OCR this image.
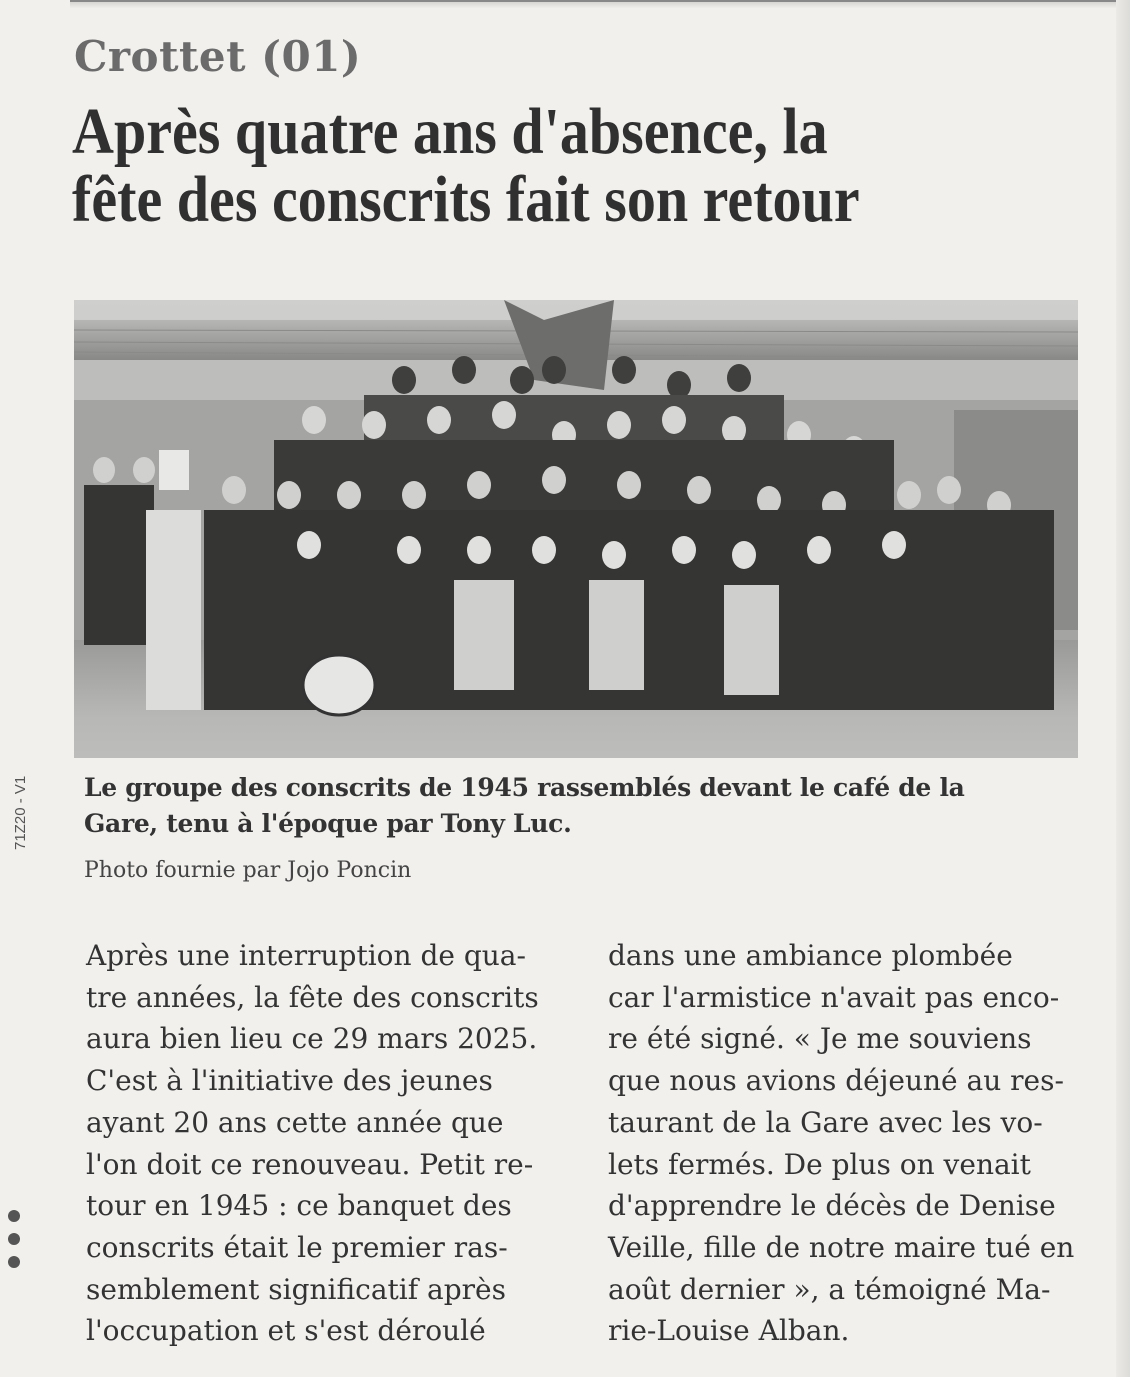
Crottet (01)
Après quatre ans d'absence, la
fête des conscrits fait son retour
Le groupe des conscrits de 1945 rassemblés devant le café de la
Gare, tenu à l'époque par Tony Luc.
Photo fournie par Jojo Poncin
71Z20 - V1
Après une interruption de qua-
tre années, la fête des conscrits
aura bien lieu ce 29 mars 2025.
C'est à l'initiative des jeunes
ayant 20 ans cette année que
l'on doit ce renouveau. Petit re-
tour en 1945 : ce banquet des
conscrits était le premier ras-
semblement significatif après
l'occupation et s'est déroulé
dans une ambiance plombée
car l'armistice n'avait pas enco-
re été signé. « Je me souviens
que nous avions déjeuné au res-
taurant de la Gare avec les vo-
lets fermés. De plus on venait
d'apprendre le décès de Denise
Veille, fille de notre maire tué en
août dernier », a témoigné Ma-
rie-Louise Alban.
